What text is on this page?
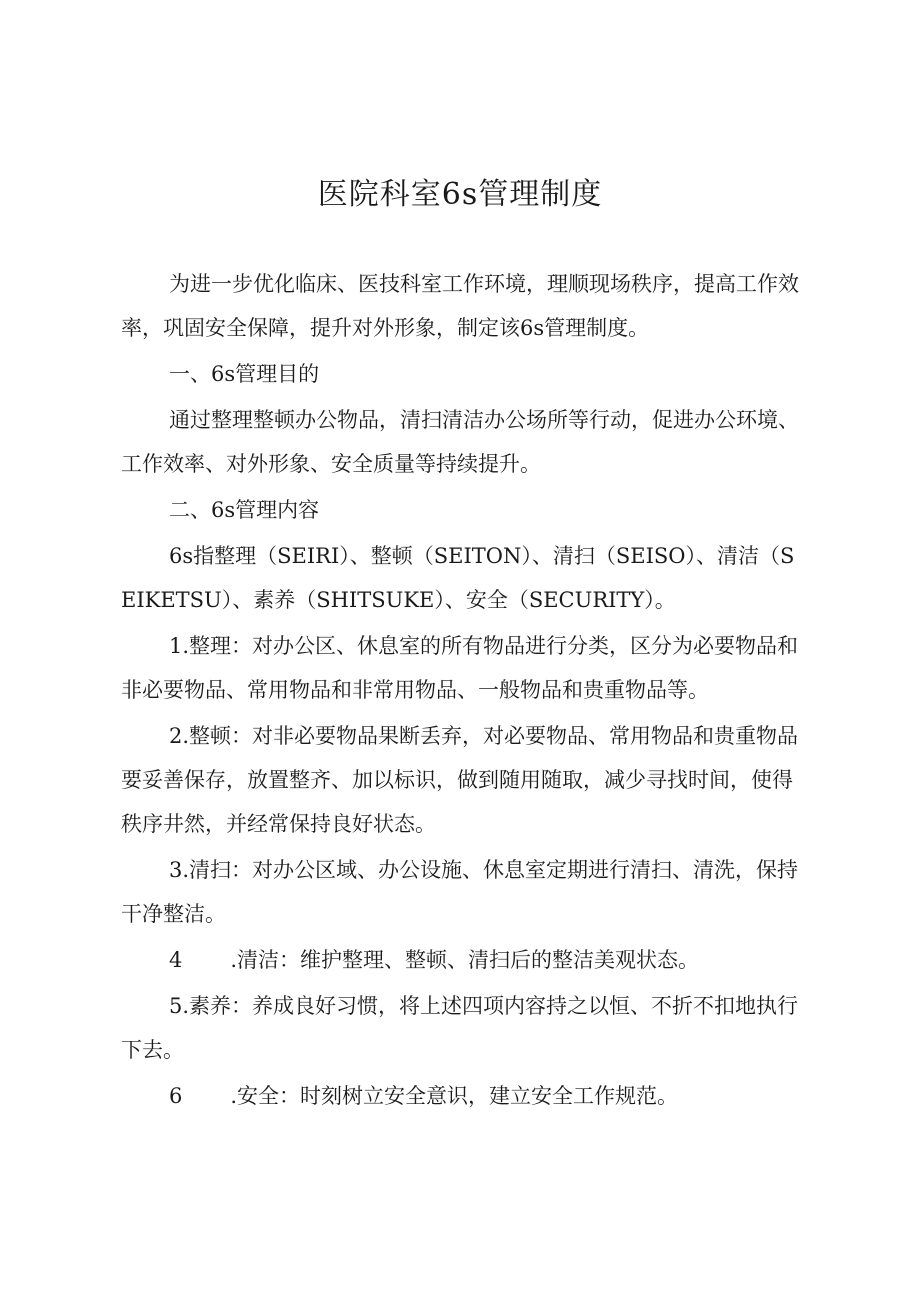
医院科室6s管理制度

为进一步优化临床、医技科室工作环境，理顺现场秩序，提高工作效率，巩固安全保障，提升对外形象，制定该6s管理制度。

一、6s管理目的

通过整理整顿办公物品，清扫清洁办公场所等行动，促进办公环境、工作效率、对外形象、安全质量等持续提升。

二、6s管理内容

6s指整理（SEIRI）、整顿（SEITON）、清扫（SEISO）、清洁（SEIKETSU）、素养（SHITSUKE）、安全（SECURITY）。

1.整理：对办公区、休息室的所有物品进行分类，区分为必要物品和非必要物品、常用物品和非常用物品、一般物品和贵重物品等。

2.整顿：对非必要物品果断丢弃，对必要物品、常用物品和贵重物品要妥善保存，放置整齐、加以标识，做到随用随取，减少寻找时间，使得秩序井然，并经常保持良好状态。

3.清扫：对办公区域、办公设施、休息室定期进行清扫、清洗，保持干净整洁。

4 .清洁：维护整理、整顿、清扫后的整洁美观状态。

5.素养：养成良好习惯，将上述四项内容持之以恒、不折不扣地执行下去。

6 .安全：时刻树立安全意识，建立安全工作规范。
